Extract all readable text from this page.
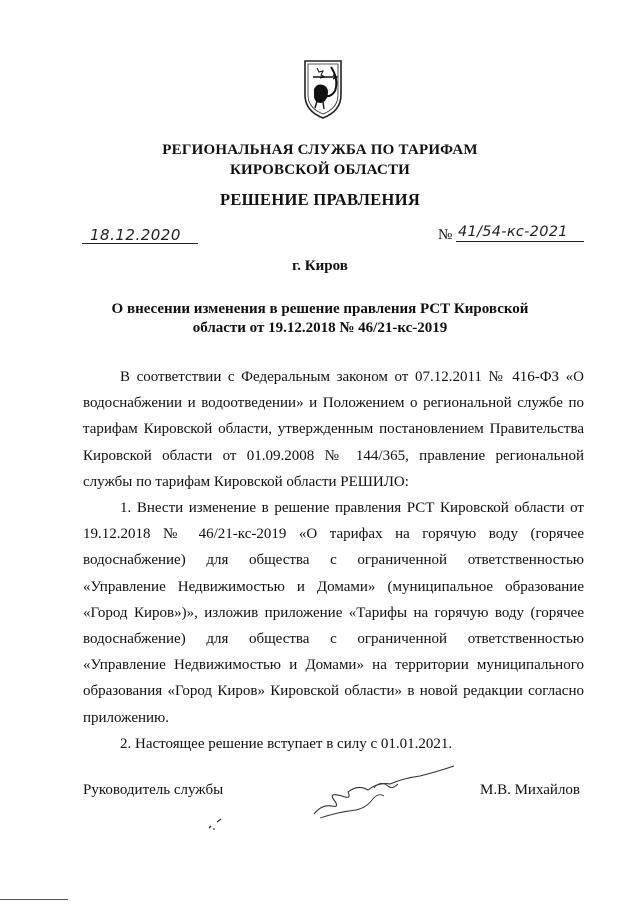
РЕГИОНАЛЬНАЯ СЛУЖБА ПО ТАРИФАМ
КИРОВСКОЙ ОБЛАСТИ
РЕШЕНИЕ ПРАВЛЕНИЯ
18.12.2020	№ 41/54-кс-2021
г. Киров
О внесении изменения в решение правления РСТ Кировской
области от 19.12.2018 № 46/21-кс-2019

В соответствии с Федеральным законом от 07.12.2011 № 416-ФЗ «О водоснабжении и водоотведении» и Положением о региональной службе по тарифам Кировской области, утвержденным постановлением Правительства Кировской области от 01.09.2008 № 144/365, правление региональной службы по тарифам Кировской области РЕШИЛО:

1. Внести изменение в решение правления РСТ Кировской области от 19.12.2018 № 46/21-кс-2019 «О тарифах на горячую воду (горячее водоснабжение) для общества с ограниченной ответственностью «Управление Недвижимостью и Домами» (муниципальное образование «Город Киров»)», изложив приложение «Тарифы на горячую воду (горячее водоснабжение) для общества с ограниченной ответственностью «Управление Недвижимостью и Домами» на территории муниципального образования «Город Киров» Кировской области» в новой редакции согласно приложению.

2. Настоящее решение вступает в силу с 01.01.2021.

Руководитель службы	М.В. Михайлов
